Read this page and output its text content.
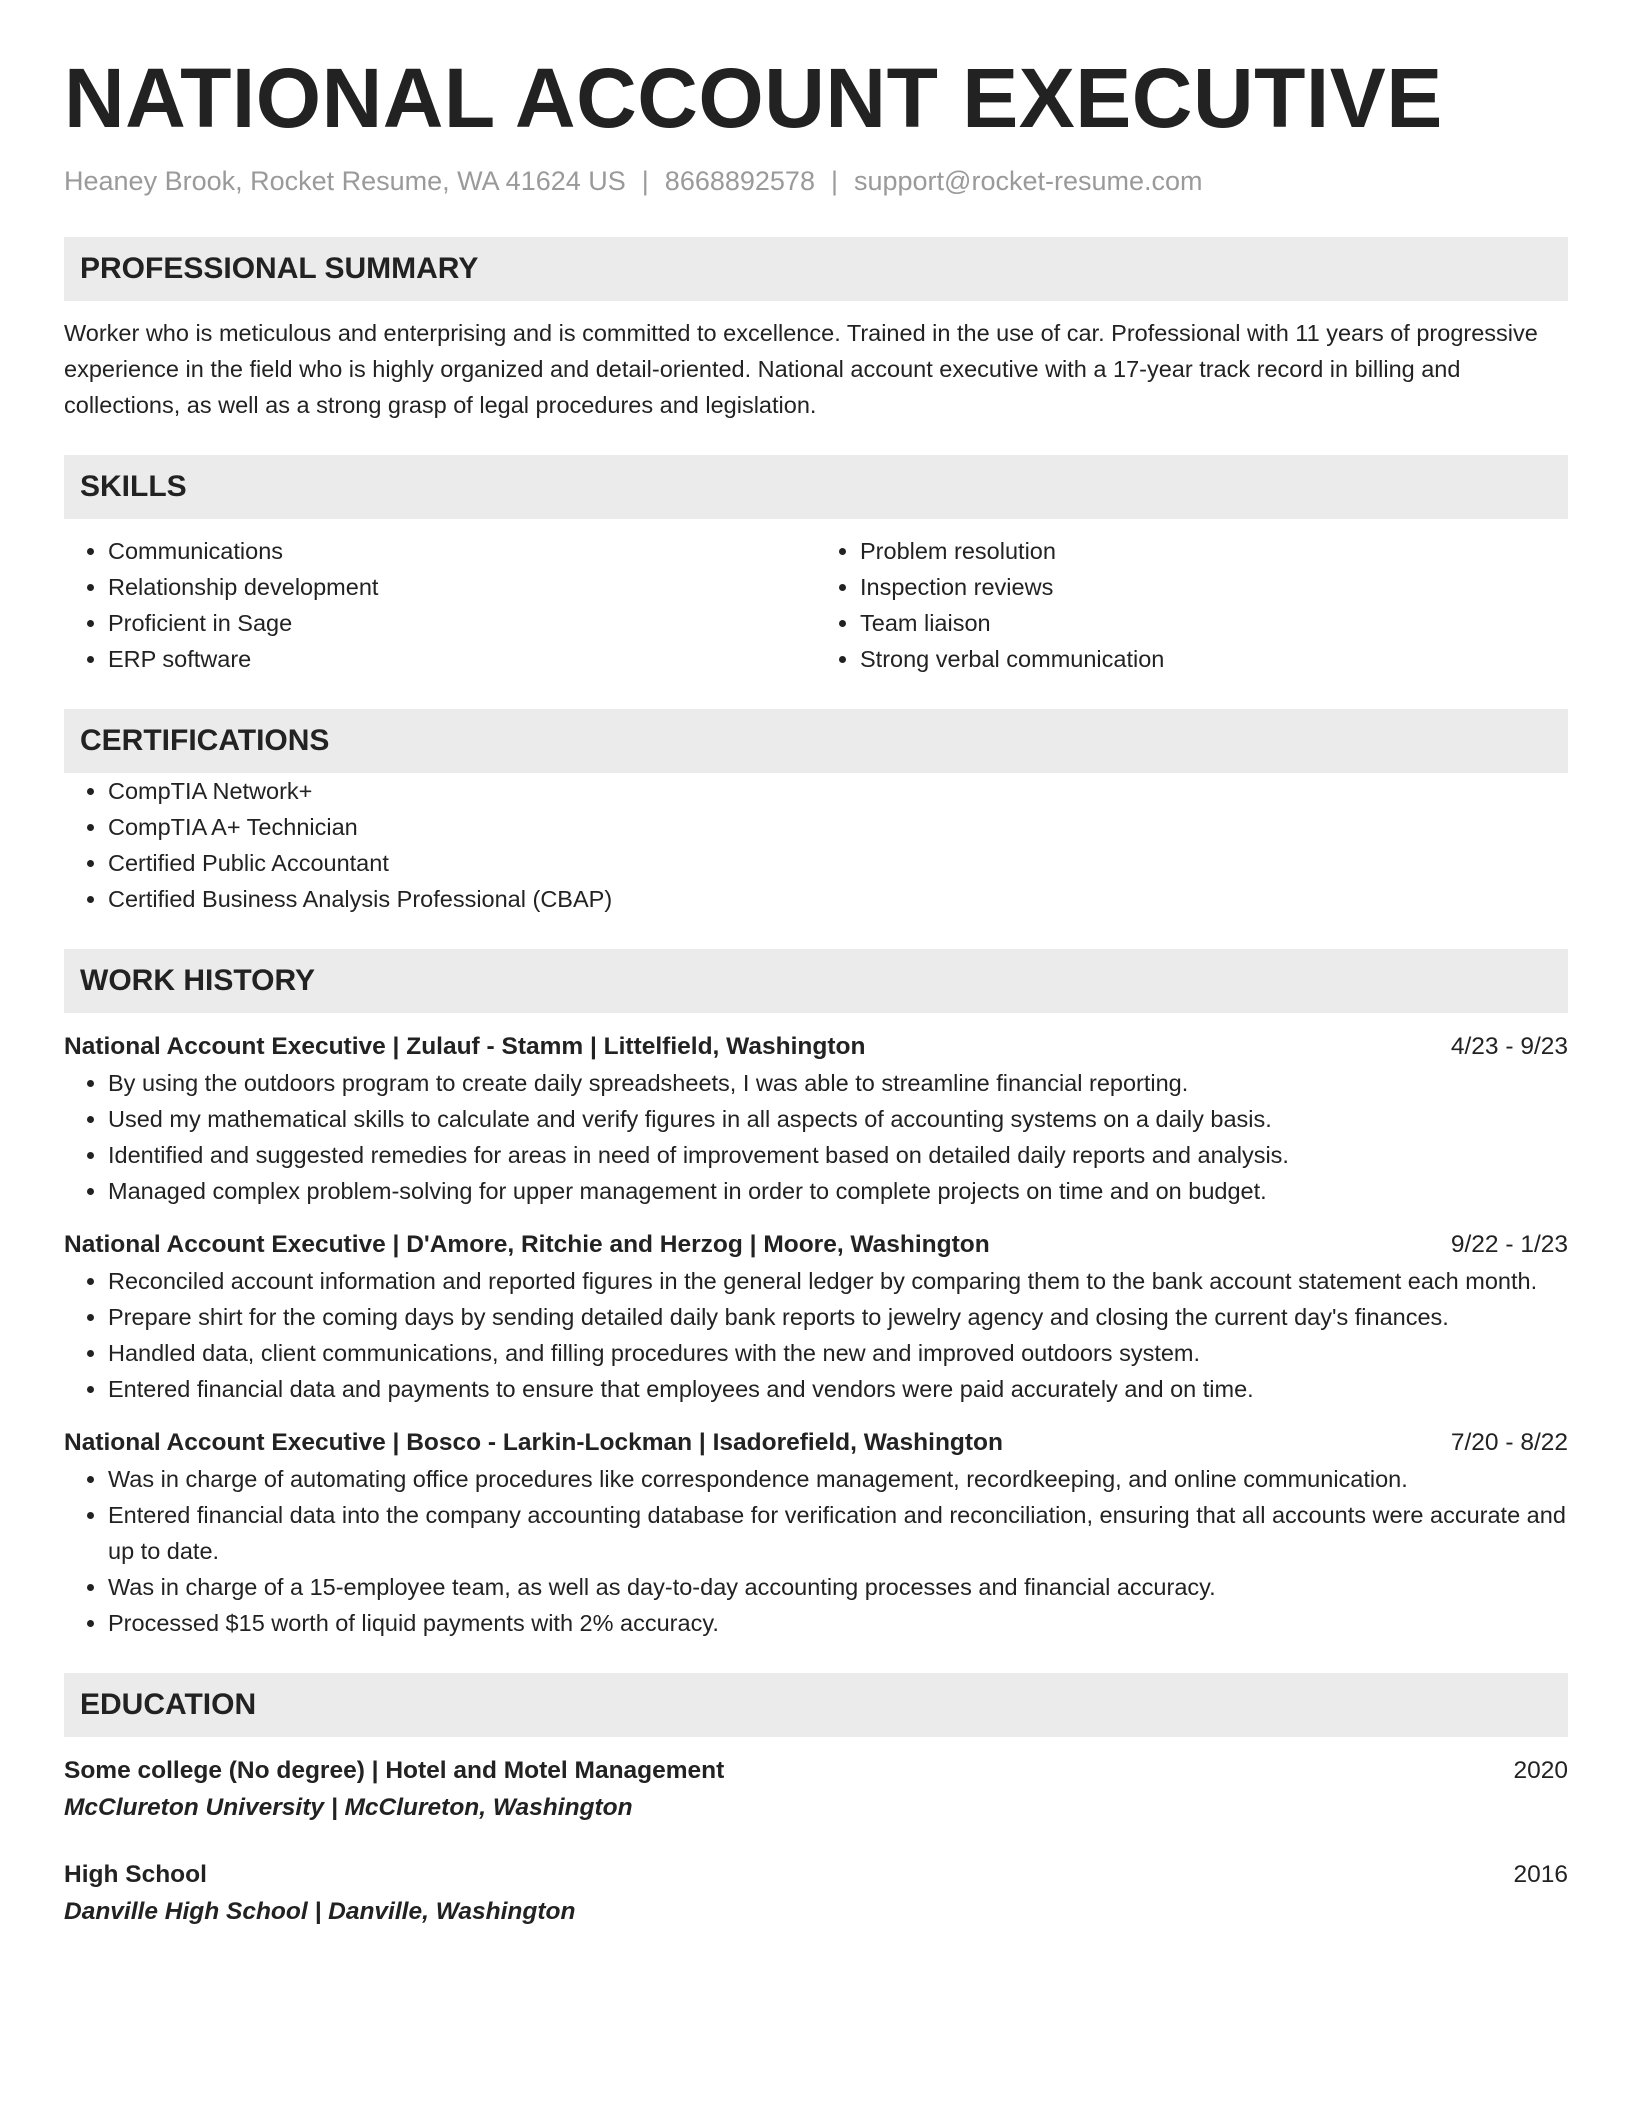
NATIONAL ACCOUNT EXECUTIVE
Heaney Brook, Rocket Resume, WA 41624 US | 8668892578 | support@rocket-resume.com
PROFESSIONAL SUMMARY

Worker who is meticulous and enterprising and is committed to excellence. Trained in the use of car. Professional with 11 years of progressive experience in the field who is highly organized and detail-oriented. National account executive with a 17-year track record in billing and collections, as well as a strong grasp of legal procedures and legislation.

SKILLS
• Communications
• Relationship development
• Proficient in Sage
• ERP software
• Problem resolution
• Inspection reviews
• Team liaison
• Strong verbal communication
CERTIFICATIONS
• CompTIA Network+
• CompTIA A+ Technician
• Certified Public Accountant
• Certified Business Analysis Professional (CBAP)
WORK HISTORY
National Account Executive | Zulauf - Stamm | Littelfield, Washington	4/23 - 9/23
• By using the outdoors program to create daily spreadsheets, I was able to streamline financial reporting.
• Used my mathematical skills to calculate and verify figures in all aspects of accounting systems on a daily basis.
• Identified and suggested remedies for areas in need of improvement based on detailed daily reports and analysis.
• Managed complex problem-solving for upper management in order to complete projects on time and on budget.
National Account Executive | D'Amore, Ritchie and Herzog | Moore, Washington	9/22 - 1/23
• Reconciled account information and reported figures in the general ledger by comparing them to the bank account statement each month.
• Prepare shirt for the coming days by sending detailed daily bank reports to jewelry agency and closing the current day's finances.
• Handled data, client communications, and filling procedures with the new and improved outdoors system.
• Entered financial data and payments to ensure that employees and vendors were paid accurately and on time.
National Account Executive | Bosco - Larkin-Lockman | Isadorefield, Washington	7/20 - 8/22
• Was in charge of automating office procedures like correspondence management, recordkeeping, and online communication.
• Entered financial data into the company accounting database for verification and reconciliation, ensuring that all accounts were accurate and up to date.
• Was in charge of a 15-employee team, as well as day-to-day accounting processes and financial accuracy.
• Processed $15 worth of liquid payments with 2% accuracy.
EDUCATION
Some college (No degree) | Hotel and Motel Management	2020
McClureton University | McClureton, Washington
High School	2016
Danville High School | Danville, Washington
